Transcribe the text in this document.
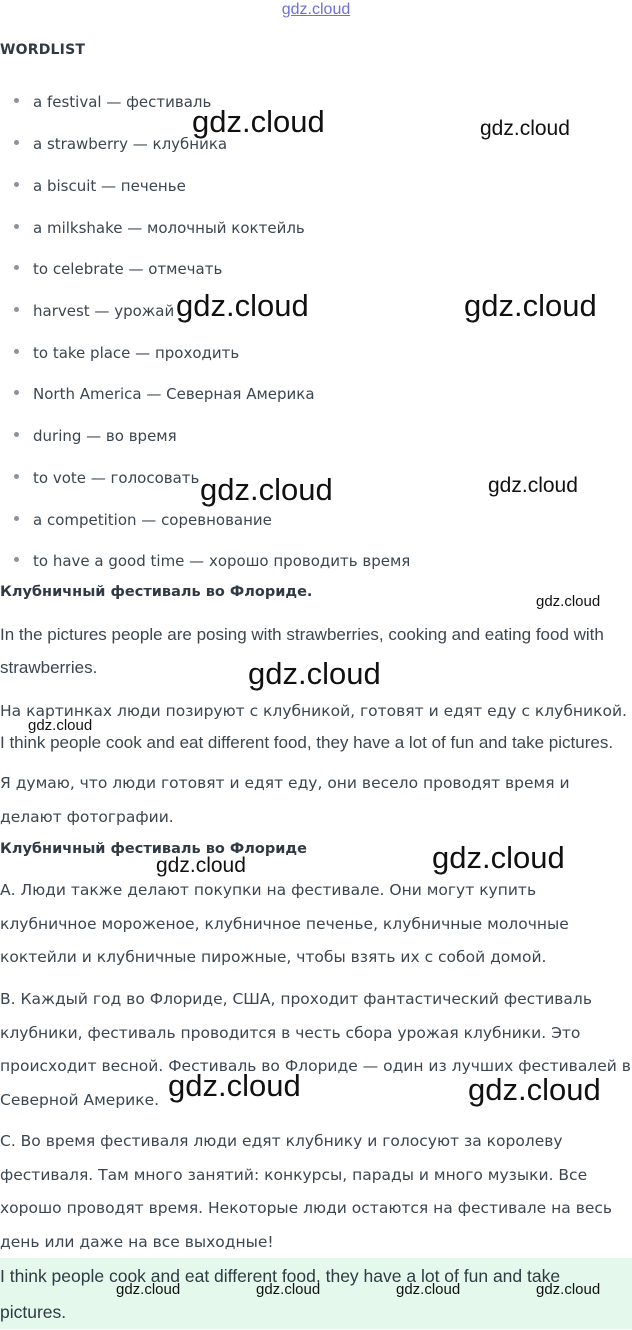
gdz.cloud
WORDLIST
a festival — фестиваль
a strawberry — клубника
a biscuit — печенье
a milkshake — молочный коктейль
to celebrate — отмечать
harvest — урожай
to take place — проходить
North America — Северная Америка
during — во время
to vote — голосовать
a competition — соревнование
to have a good time — хорошо проводить время
Клубничный фестиваль во Флориде.
In the pictures people are posing with strawberries, cooking and eating food with strawberries.
На картинках люди позируют с клубникой, готовят и едят еду с клубникой.
I think people cook and eat different food, they have a lot of fun and take pictures.
Я думаю, что люди готовят и едят еду, они весело проводят время и делают фотографии.
Клубничный фестиваль во Флориде
А. Люди также делают покупки на фестивале. Они могут купить клубничное мороженое, клубничное печенье, клубничные молочные коктейли и клубничные пирожные, чтобы взять их с собой домой.
В. Каждый год во Флориде, США, проходит фантастический фестиваль клубники, фестиваль проводится в честь сбора урожая клубники. Это происходит весной. Фестиваль во Флориде — один из лучших фестивалей в Северной Америке.
С. Во время фестиваля люди едят клубнику и голосуют за королеву фестиваля. Там много занятий: конкурсы, парады и много музыки. Все хорошо проводят время. Некоторые люди остаются на фестивале на весь день или даже на все выходные!
I think people cook and eat different food, they have a lot of fun and take pictures.
gdz.cloud	gdz.cloud
gdz.cloud	gdz.cloud
gdz.cloud	gdz.cloud
gdz.cloud
gdz.cloud
gdz.cloud
gdz.cloud	gdz.cloud
gdz.cloud	gdz.cloud
gdz.cloud	gdz.cloud	gdz.cloud	gdz.cloud
